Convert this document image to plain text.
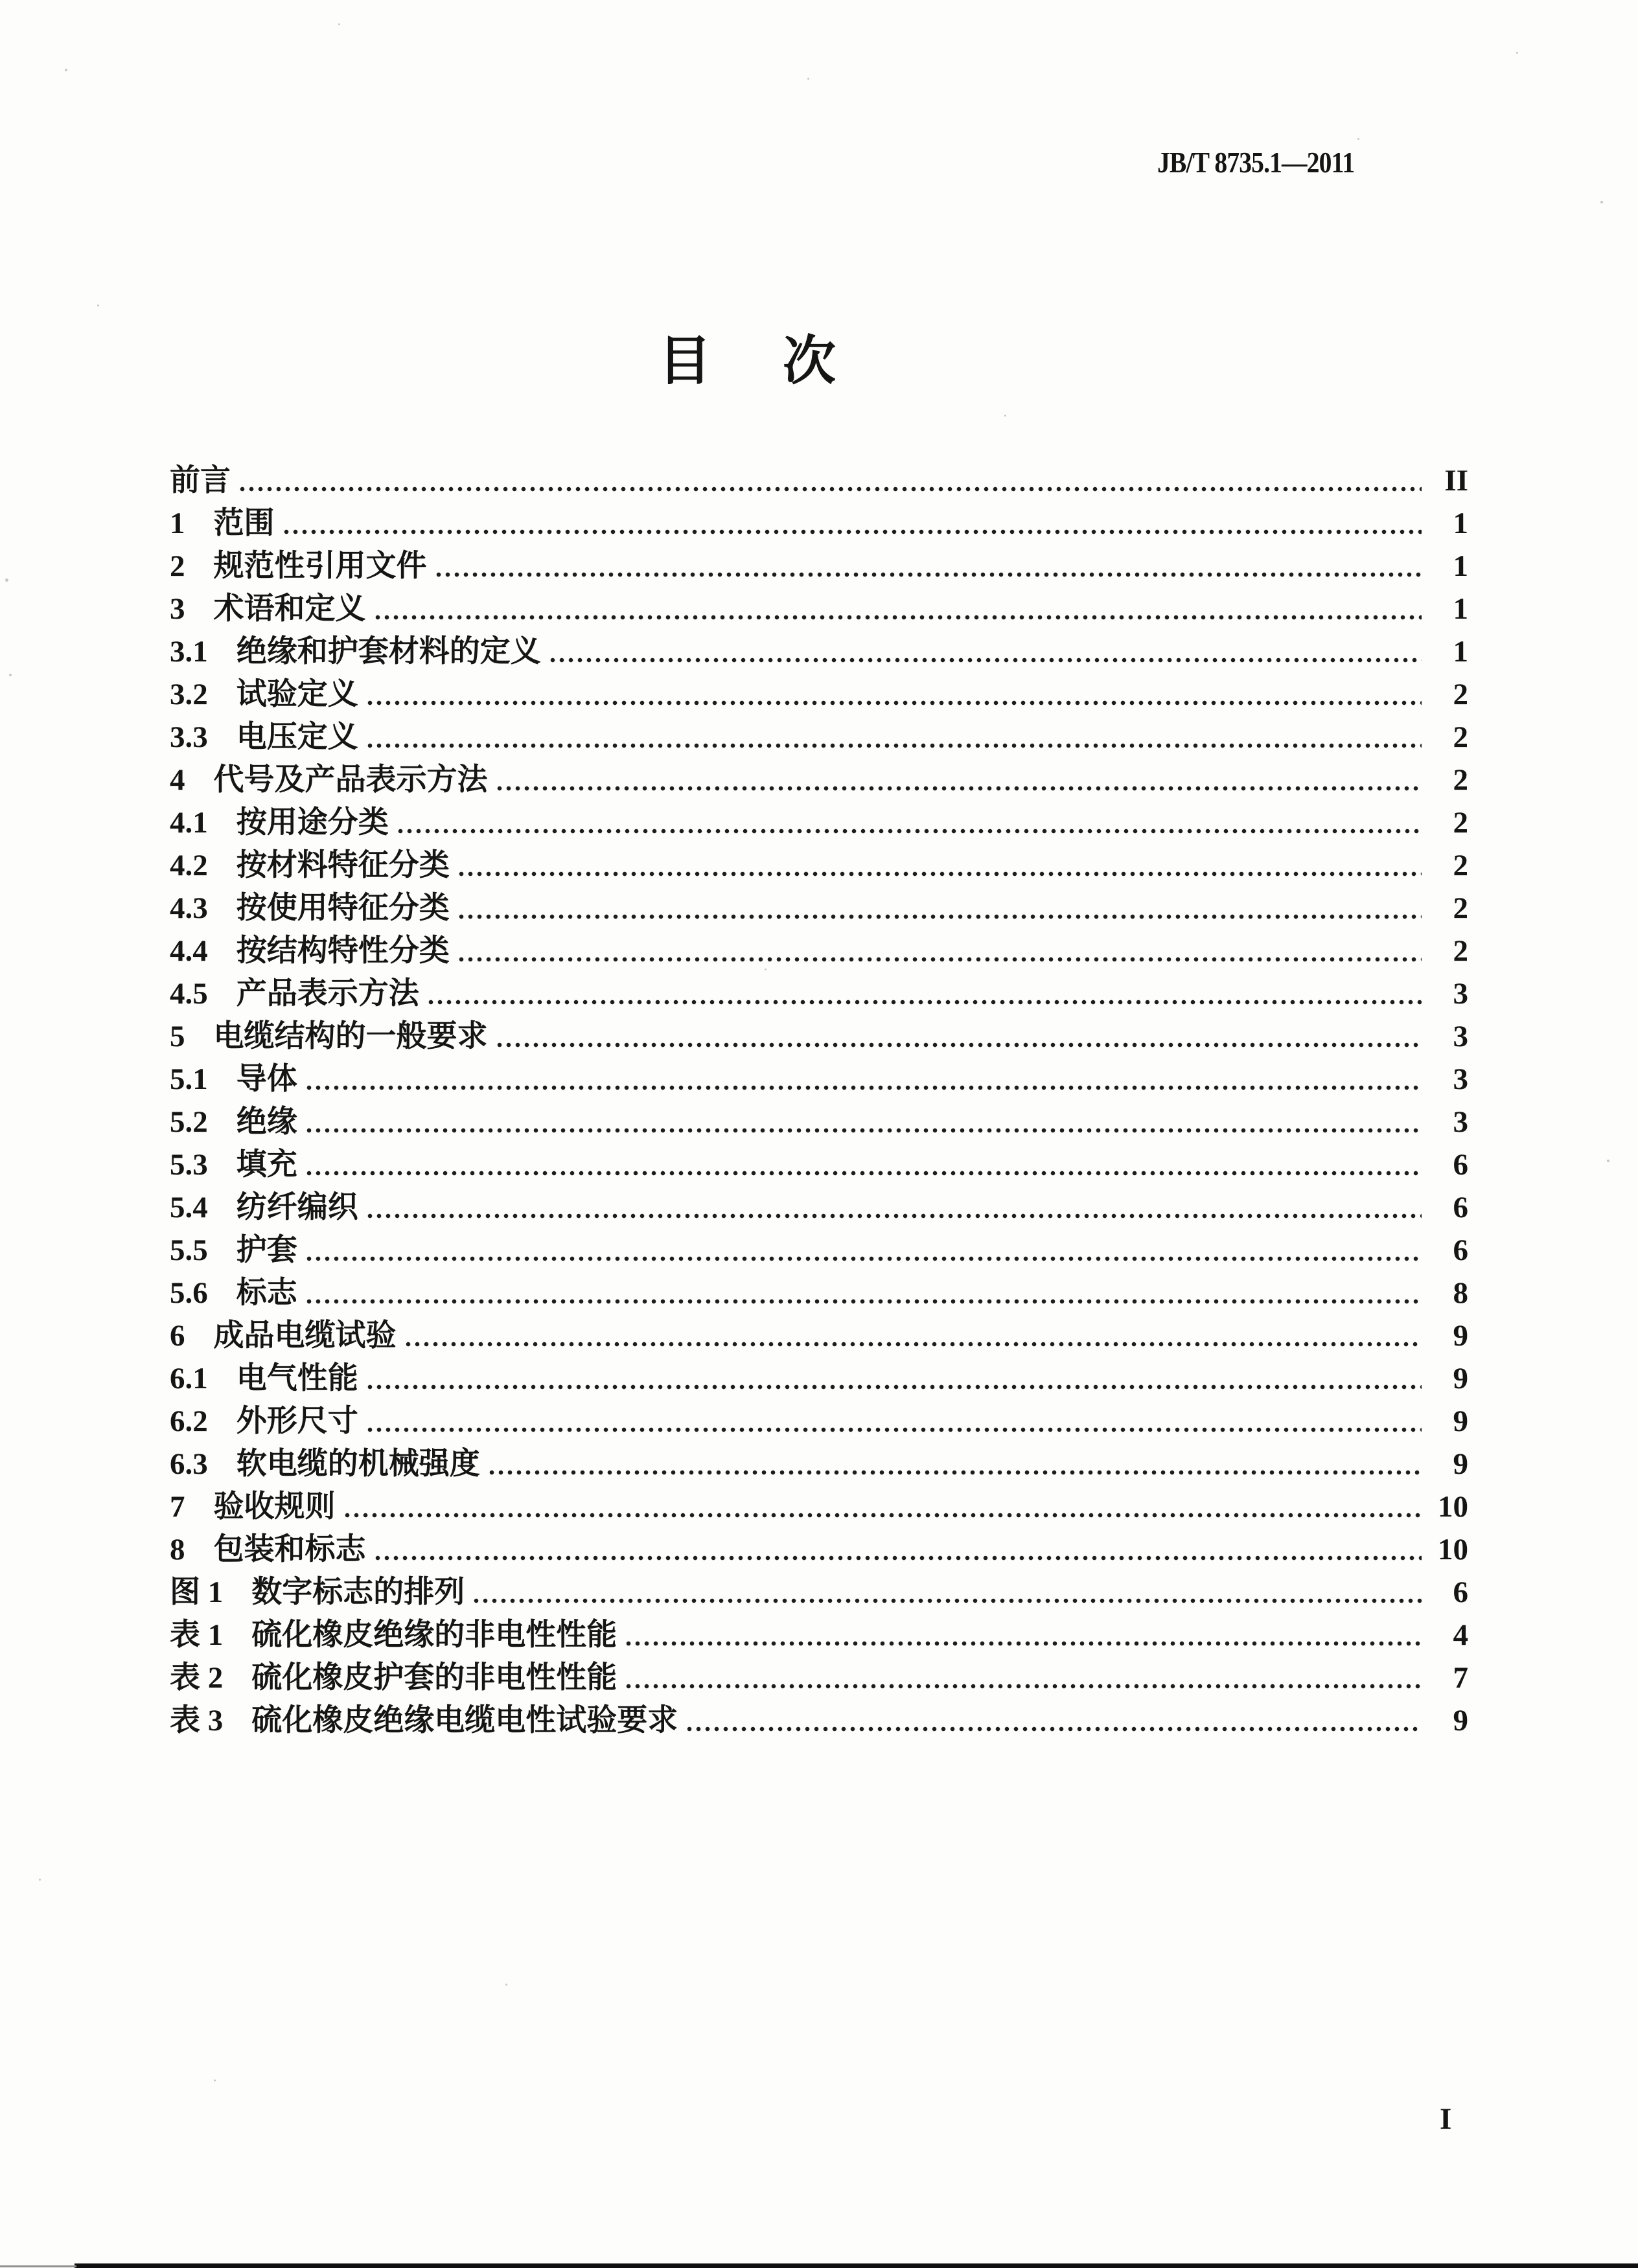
JB/T 8735.1—2011
目　次
前言	II
1 范围	1
2 规范性引用文件	1
3 术语和定义	1
3.1 绝缘和护套材料的定义	1
3.2 试验定义	2
3.3 电压定义	2
4 代号及产品表示方法	2
4.1 按用途分类	2
4.2 按材料特征分类	2
4.3 按使用特征分类	2
4.4 按结构特性分类	2
4.5 产品表示方法	3
5 电缆结构的一般要求	3
5.1 导体	3
5.2 绝缘	3
5.3 填充	6
5.4 纺纤编织	6
5.5 护套	6
5.6 标志	8
6 成品电缆试验	9
6.1 电气性能	9
6.2 外形尺寸	9
6.3 软电缆的机械强度	9
7 验收规则	10
8 包装和标志	10
图 1 数字标志的排列	6
表 1 硫化橡皮绝缘的非电性性能	4
表 2 硫化橡皮护套的非电性性能	7
表 3 硫化橡皮绝缘电缆电性试验要求	9
I
